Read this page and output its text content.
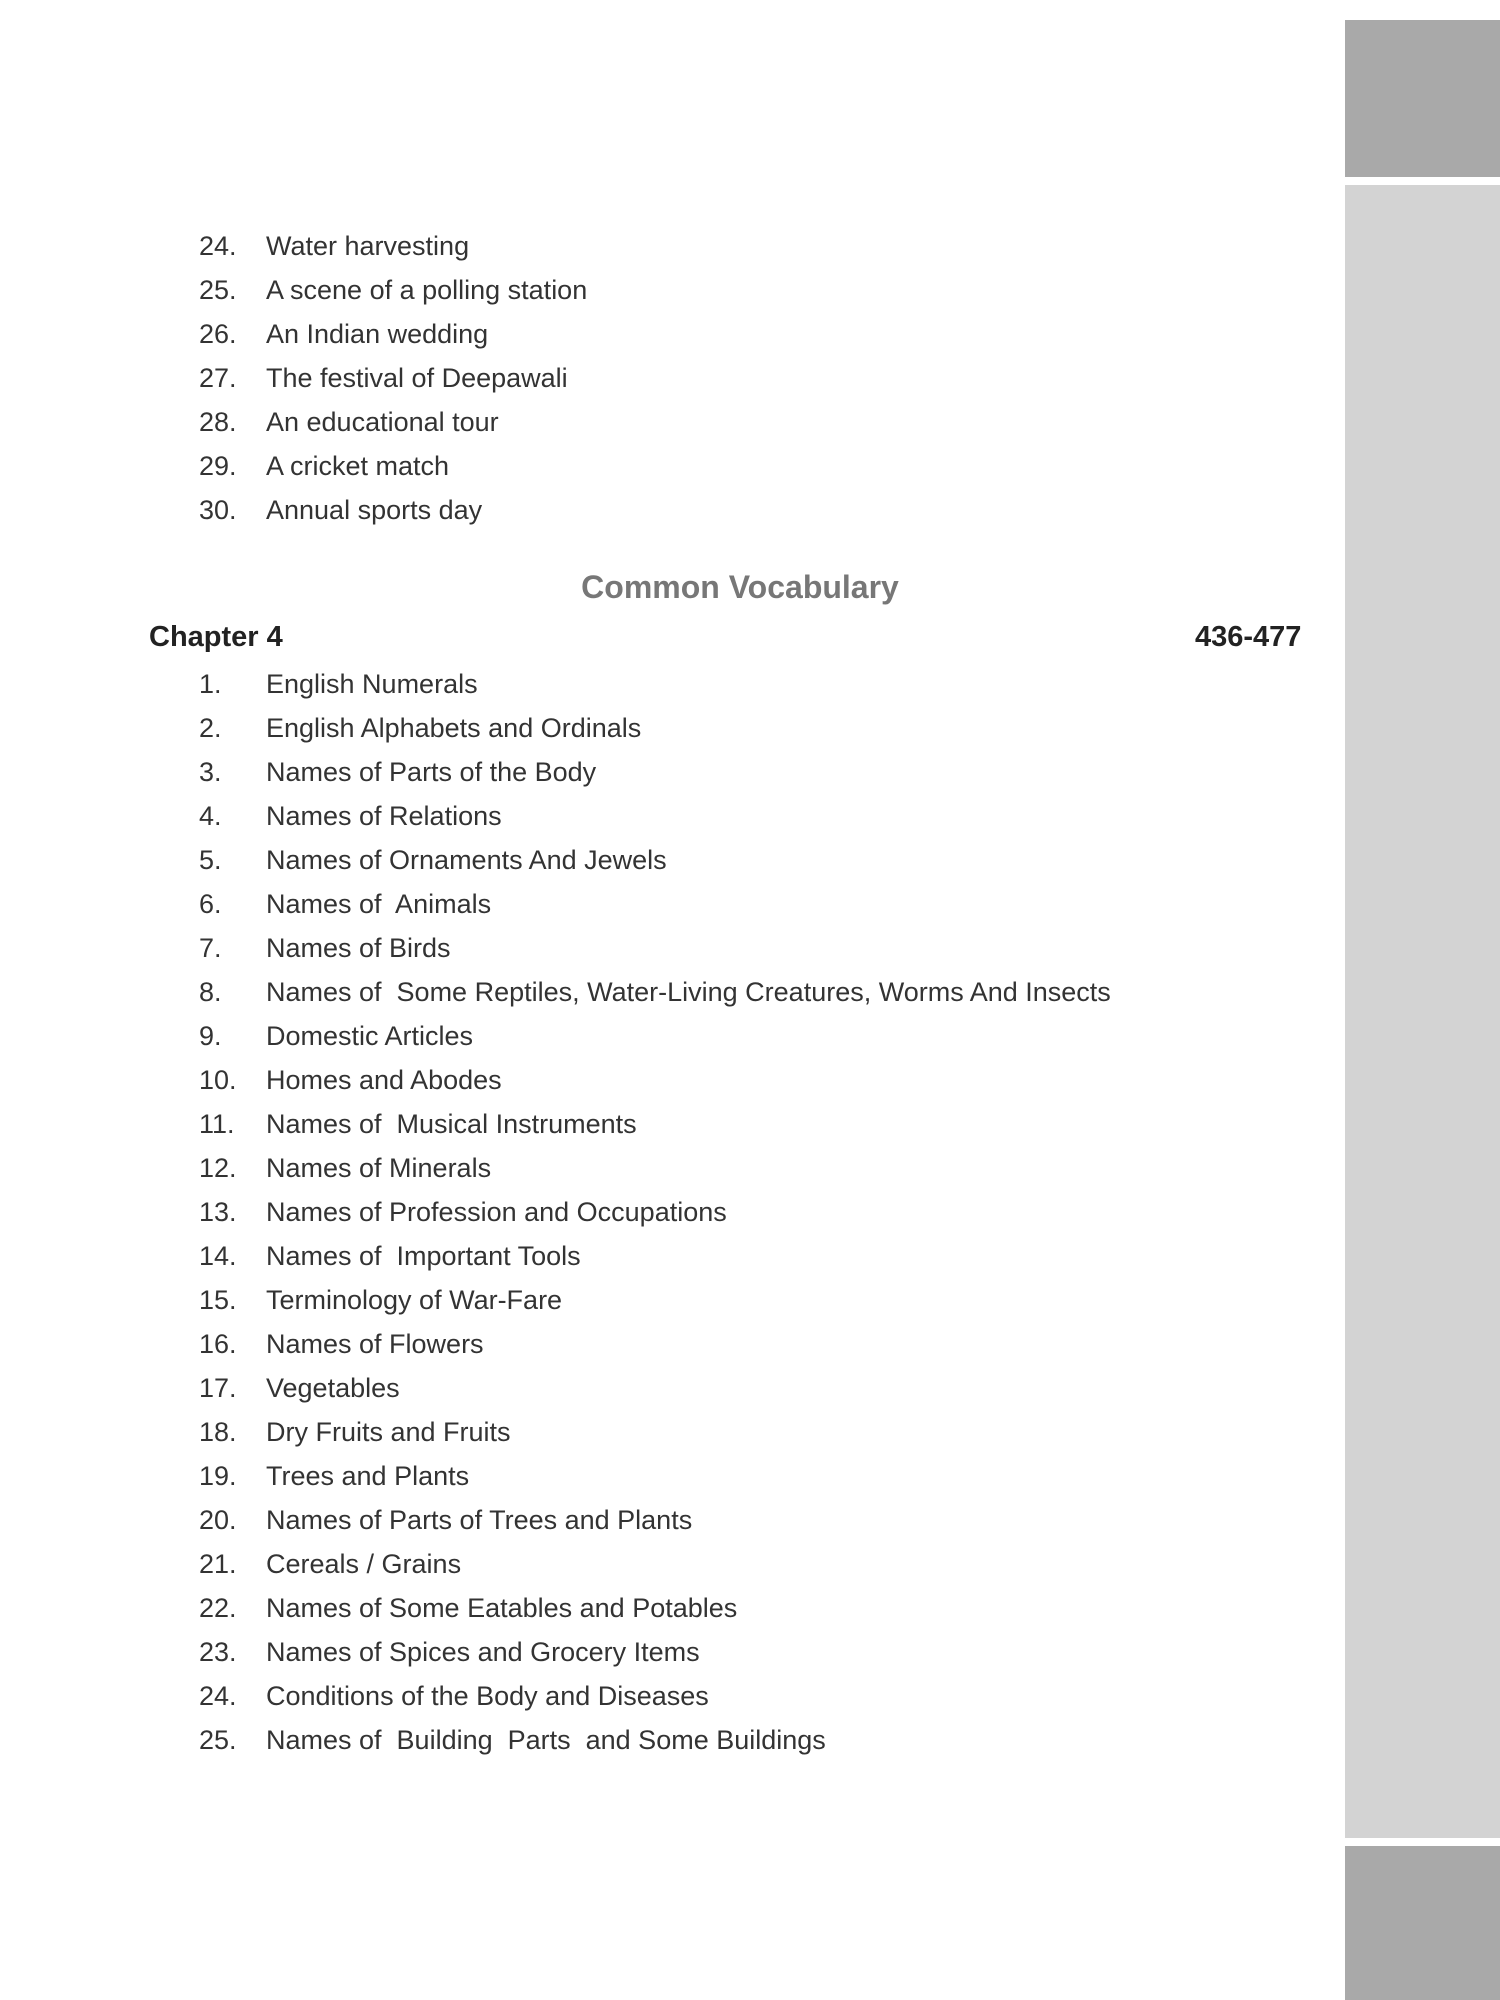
24. Water harvesting
25. A scene of a polling station
26. An Indian wedding
27. The festival of Deepawali
28. An educational tour
29. A cricket match
30. Annual sports day
Common Vocabulary
Chapter 4	436-477
1. English Numerals
2. English Alphabets and Ordinals
3. Names of Parts of the Body
4. Names of Relations
5. Names of Ornaments And Jewels
6. Names of  Animals
7. Names of Birds
8. Names of  Some Reptiles, Water-Living Creatures, Worms And Insects
9. Domestic Articles
10. Homes and Abodes
11. Names of  Musical Instruments
12. Names of Minerals
13. Names of Profession and Occupations
14. Names of  Important Tools
15. Terminology of War-Fare
16. Names of Flowers
17. Vegetables
18. Dry Fruits and Fruits
19. Trees and Plants
20. Names of Parts of Trees and Plants
21. Cereals / Grains
22. Names of Some Eatables and Potables
23. Names of Spices and Grocery Items
24. Conditions of the Body and Diseases
25. Names of  Building  Parts  and Some Buildings
